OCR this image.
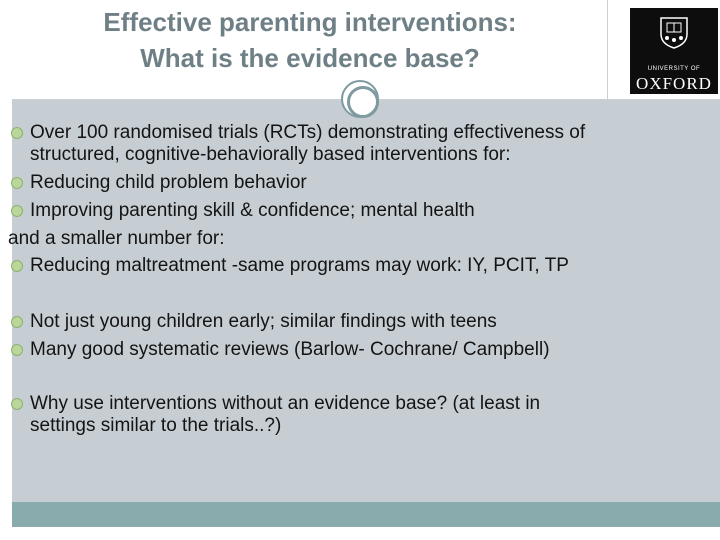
Effective parenting interventions:
What is the evidence base?	UNIVERSITY OF
OXFORD
Over 100 randomised trials (RCTs) demonstrating effectiveness of
structured, cognitive-behaviorally based interventions for:
Reducing child problem behavior
Improving parenting skill & confidence; mental health
and a smaller number for:
Reducing maltreatment -same programs may work: IY, PCIT, TP
Not just young children early; similar findings with teens
Many good systematic reviews (Barlow- Cochrane/ Campbell)
Why use interventions without an evidence base? (at least in
settings similar to the trials..?)
